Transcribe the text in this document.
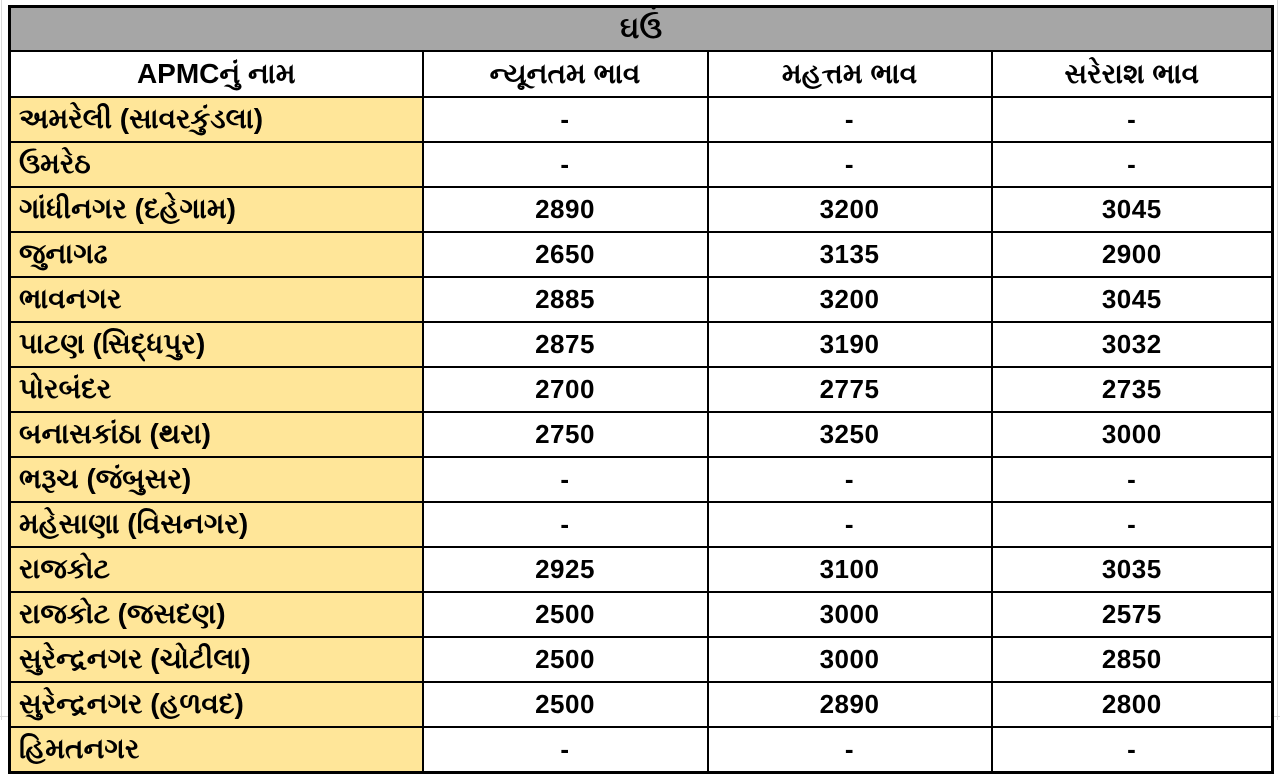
ઘઉં			
APMCનું નામ	ન્યૂનતમ ભાવ	મહત્તમ ભાવ	સરેરાશ ભાવ
અમરેલી (સાવરકુંડલા)	-	-	-
ઉમરેઠ	-	-	-
ગાંધીનગર (દહેગામ)	2890	3200	3045
જુનાગઢ	2650	3135	2900
ભાવનગર	2885	3200	3045
પાટણ (સિદ્ધપુર)	2875	3190	3032
પોરબંદર	2700	2775	2735
બનાસકાંઠા (થરા)	2750	3250	3000
ભરૂચ (જંબુસર)	-	-	-
મહેસાણા (વિસનગર)	-	-	-
રાજકોટ	2925	3100	3035
રાજકોટ (જસદણ)	2500	3000	2575
સુરેન્દ્રનગર (ચોટીલા)	2500	3000	2850
સુરેન્દ્રનગર (હળવદ)	2500	2890	2800
હિમતનગર	-	-	-
